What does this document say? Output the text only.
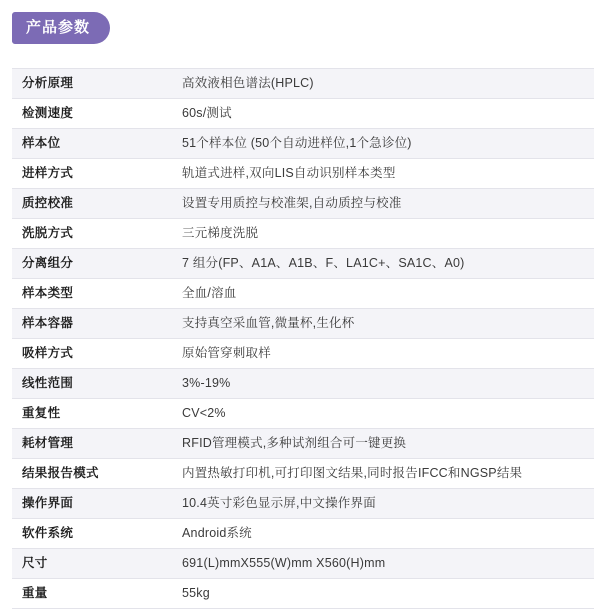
产品参数
分析原理	高效液相色谱法(HPLC)
检测速度	60s/测试
样本位	51个样本位 (50个自动进样位,1个急诊位)
进样方式	轨道式进样,双向LIS自动识别样本类型
质控校准	设置专用质控与校准架,自动质控与校准
洗脱方式	三元梯度洗脱
分离组分	7 组分(FP、A1A、A1B、F、LA1C+、SA1C、A0)
样本类型	全血/溶血
样本容器	支持真空采血管,微量杯,生化杯
吸样方式	原始管穿刺取样
线性范围	3%-19%
重复性	CV<2%
耗材管理	RFID管理模式,多种试剂组合可一键更换
结果报告模式	内置热敏打印机,可打印图文结果,同时报告IFCC和NGSP结果
操作界面	10.4英寸彩色显示屏,中文操作界面
软件系统	Android系统
尺寸	691(L)mmX555(W)mm X560(H)mm
重量	55kg
